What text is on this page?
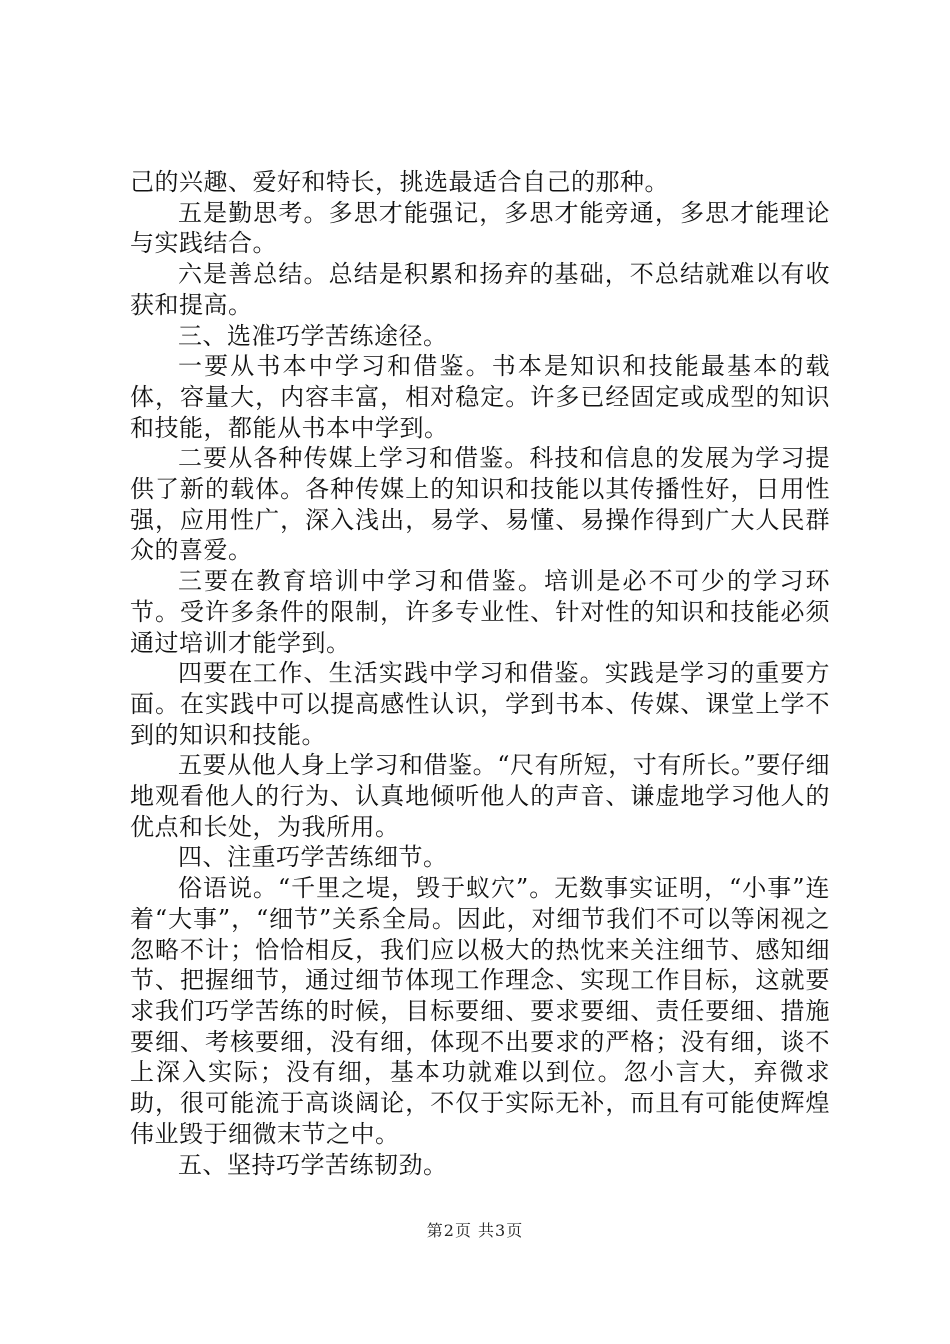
己的兴趣、爱好和特长，挑选最适合自己的那种。

五是勤思考。多思才能强记，多思才能旁通，多思才能理论与实践结合。

六是善总结。总结是积累和扬弃的基础，不总结就难以有收获和提高。

三、选准巧学苦练途径。

一要从书本中学习和借鉴。书本是知识和技能最基本的载体，容量大，内容丰富，相对稳定。许多已经固定或成型的知识和技能，都能从书本中学到。

二要从各种传媒上学习和借鉴。科技和信息的发展为学习提供了新的载体。各种传媒上的知识和技能以其传播性好，日用性强，应用性广，深入浅出，易学、易懂、易操作得到广大人民群众的喜爱。

三要在教育培训中学习和借鉴。培训是必不可少的学习环节。受许多条件的限制，许多专业性、针对性的知识和技能必须通过培训才能学到。

四要在工作、生活实践中学习和借鉴。实践是学习的重要方面。在实践中可以提高感性认识，学到书本、传媒、课堂上学不到的知识和技能。

五要从他人身上学习和借鉴。“尺有所短，寸有所长。”要仔细地观看他人的行为、认真地倾听他人的声音、谦虚地学习他人的优点和长处，为我所用。

四、注重巧学苦练细节。

俗语说。“千里之堤，毁于蚁穴”。无数事实证明，“小事”连着“大事”，“细节”关系全局。因此，对细节我们不可以等闲视之忽略不计；恰恰相反，我们应以极大的热忱来关注细节、感知细节、把握细节，通过细节体现工作理念、实现工作目标，这就要求我们巧学苦练的时候，目标要细、要求要细、责任要细、措施要细、考核要细，没有细，体现不出要求的严格；没有细，谈不上深入实际；没有细，基本功就难以到位。忽小言大，弃微求助，很可能流于高谈阔论，不仅于实际无补，而且有可能使辉煌伟业毁于细微末节之中。

五、坚持巧学苦练韧劲。

第2页 共3页
